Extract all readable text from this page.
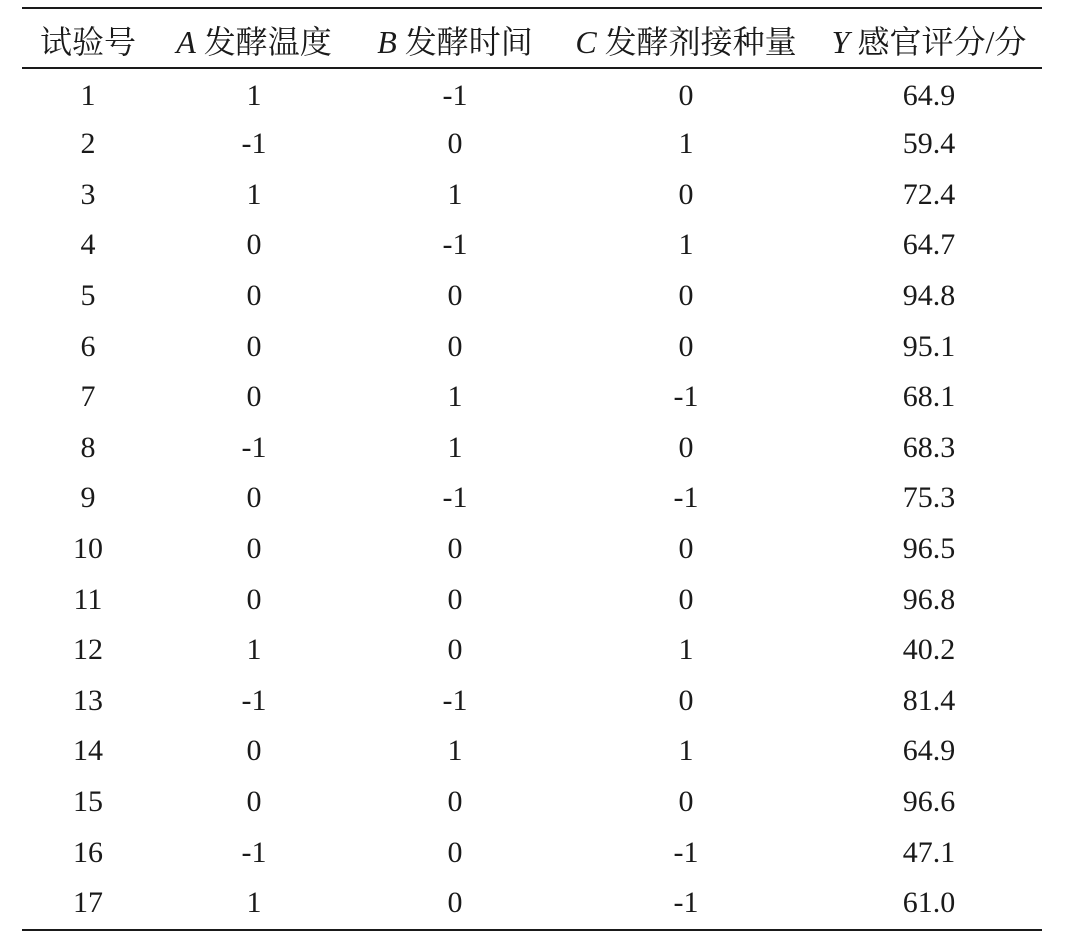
试验号	A 发酵温度	B 发酵时间	C 发酵剂接种量	Y 感官评分/分
1	1	-1	0	64.9
2	-1	0	1	59.4
3	1	1	0	72.4
4	0	-1	1	64.7
5	0	0	0	94.8
6	0	0	0	95.1
7	0	1	-1	68.1
8	-1	1	0	68.3
9	0	-1	-1	75.3
10	0	0	0	96.5
11	0	0	0	96.8
12	1	0	1	40.2
13	-1	-1	0	81.4
14	0	1	1	64.9
15	0	0	0	96.6
16	-1	0	-1	47.1
17	1	0	-1	61.0
